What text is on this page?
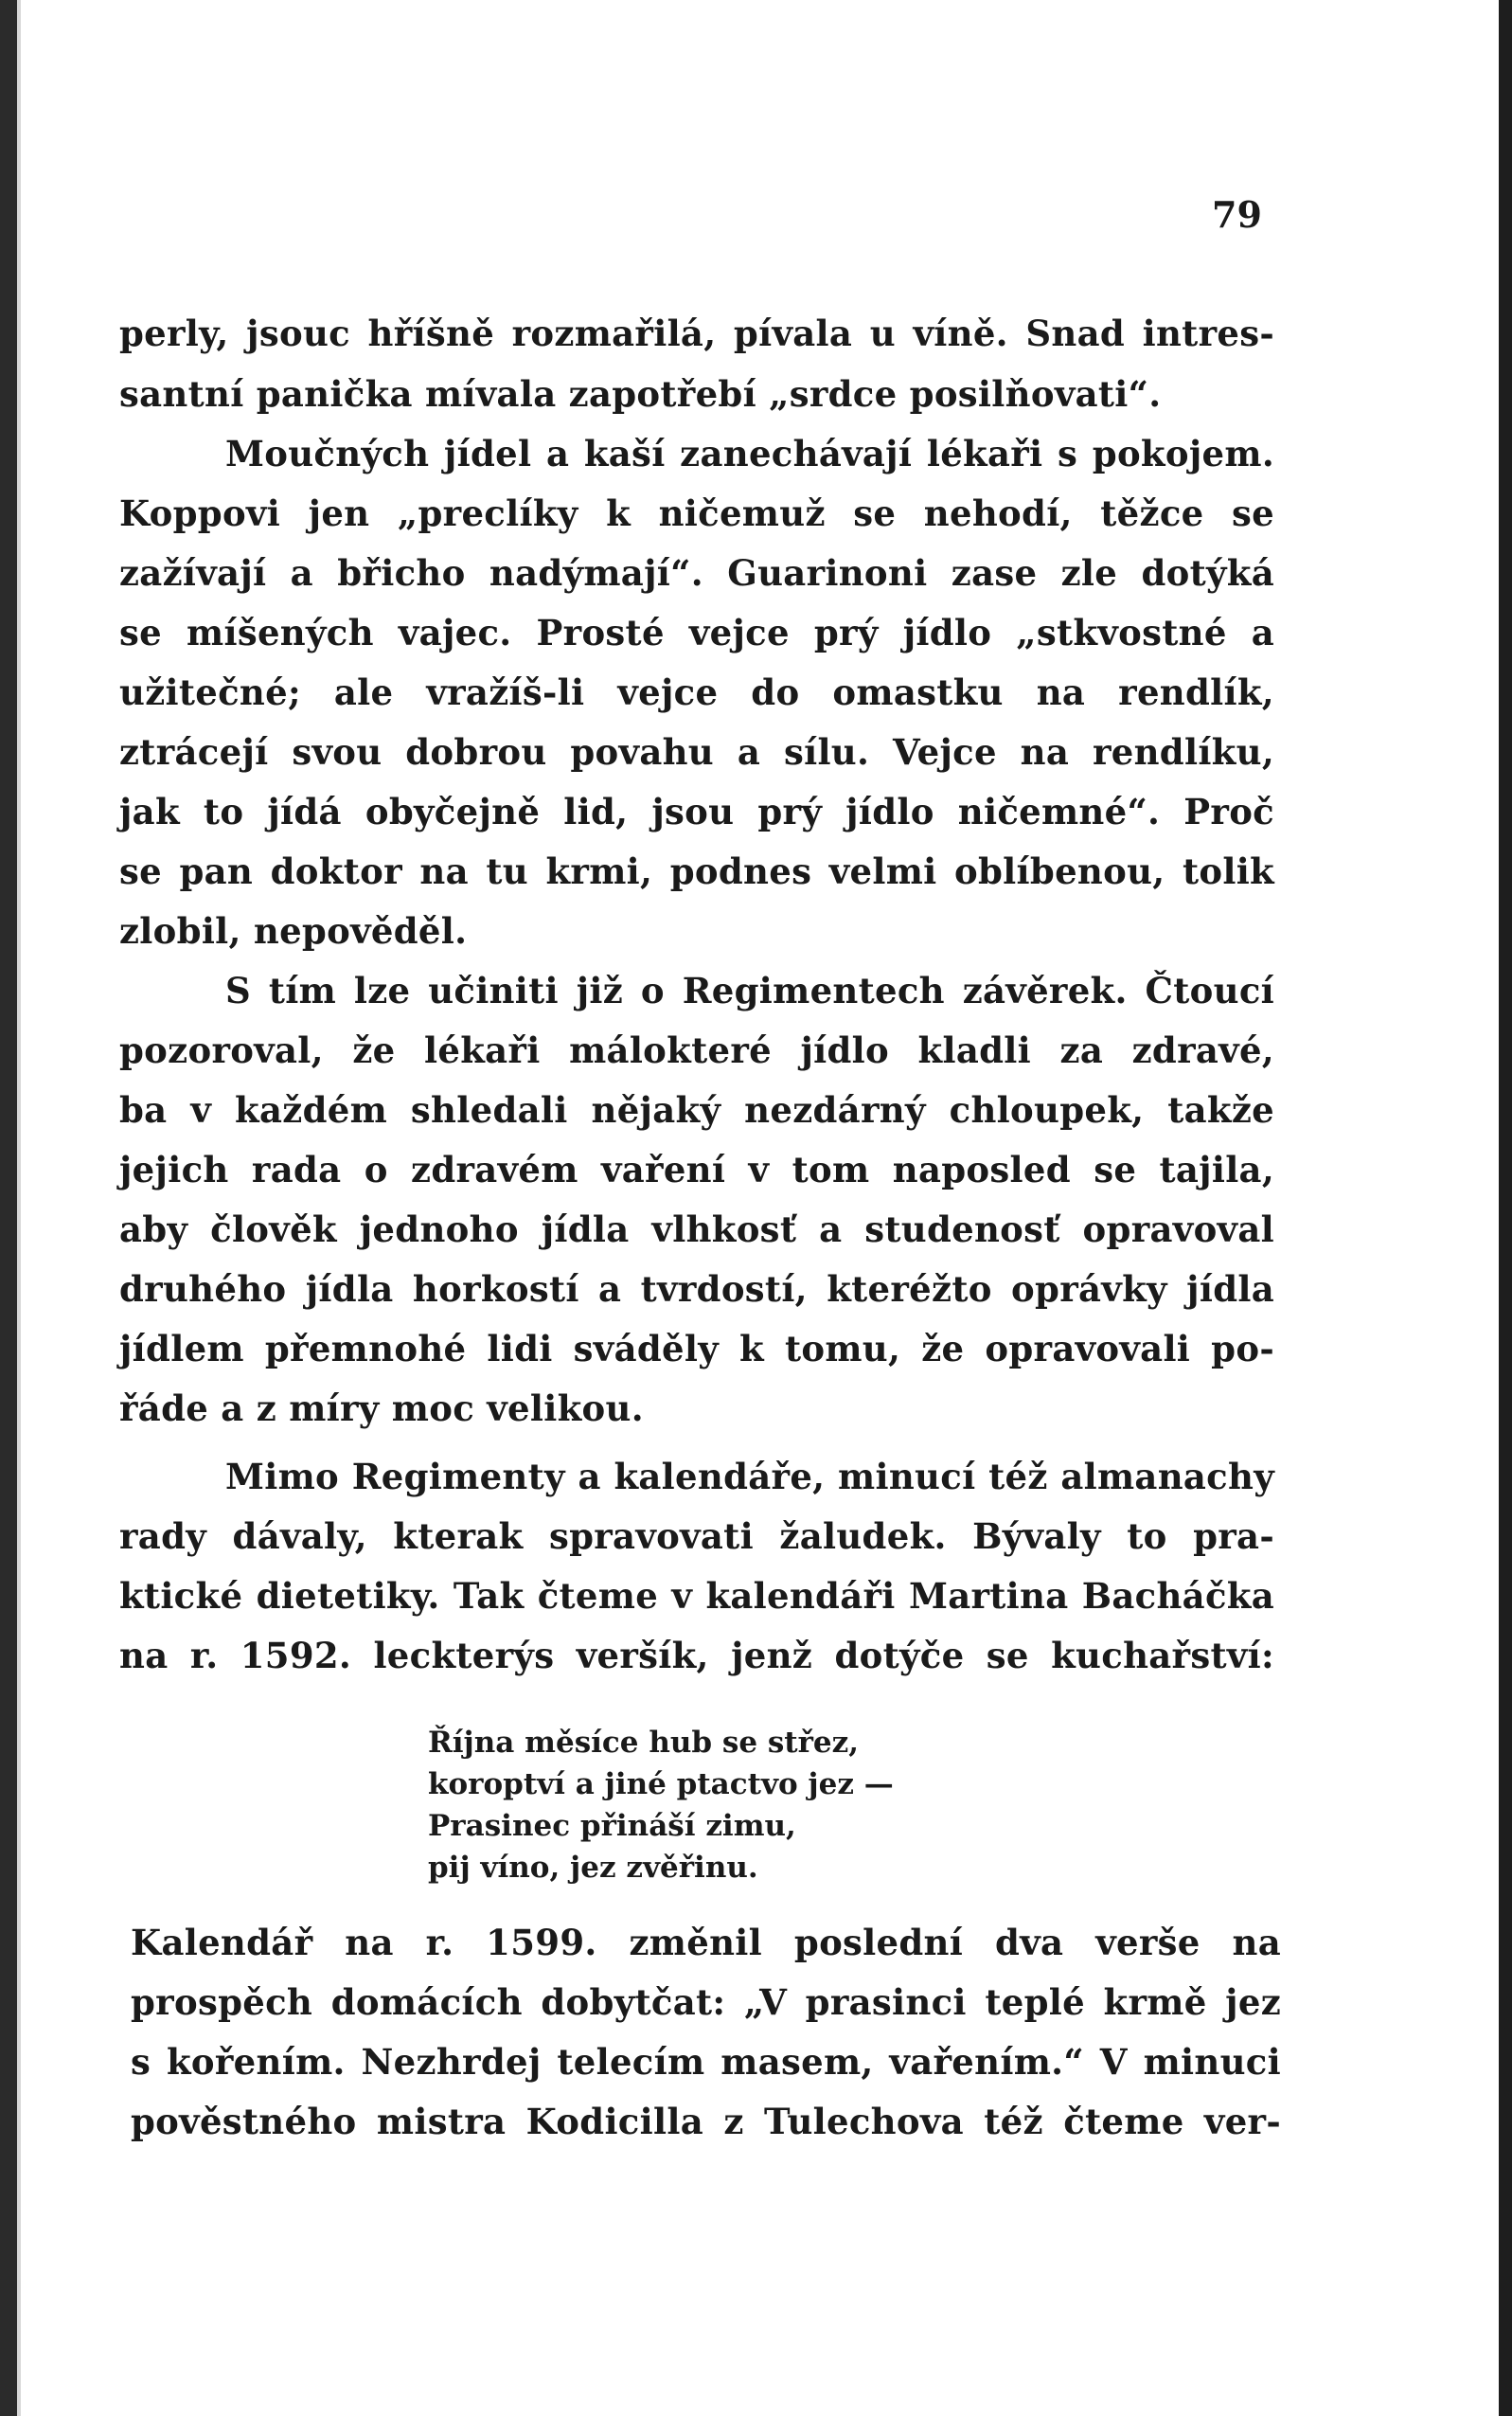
79
perly, jsouc hříšně rozmařilá, pívala u víně. Snad intres-
santní panička mívala zapotřebí „srdce posilňovati“.
Moučných jídel a kaší zanechávají lékaři s pokojem.
Koppovi jen „preclíky k ničemuž se nehodí, těžce se
zažívají a břicho nadýmají“. Guarinoni zase zle dotýká
se míšených vajec. Prosté vejce prý jídlo „stkvostné a
užitečné; ale vražíš-li vejce do omastku na rendlík,
ztrácejí svou dobrou povahu a sílu. Vejce na rendlíku,
jak to jídá obyčejně lid, jsou prý jídlo ničemné“. Proč
se pan doktor na tu krmi, podnes velmi oblíbenou, tolik
zlobil, nepověděl.
S tím lze učiniti již o Regimentech závěrek. Čtoucí
pozoroval, že lékaři málokteré jídlo kladli za zdravé,
ba v každém shledali nějaký nezdárný chloupek, takže
jejich rada o zdravém vaření v tom naposled se tajila,
aby člověk jednoho jídla vlhkosť a studenosť opravoval
druhého jídla horkostí a tvrdostí, kteréžto oprávky jídla
jídlem přemnohé lidi sváděly k tomu, že opravovali po-
řáde a z míry moc velikou.
Mimo Regimenty a kalendáře, minucí též almanachy
rady dávaly, kterak spravovati žaludek. Bývaly to pra-
ktické dietetiky. Tak čteme v kalendáři Martina Bacháčka
na r. 1592. leckterýs veršík, jenž dotýče se kuchařství:
Října měsíce hub se střez,
koroptví a jiné ptactvo jez —
Prasinec přináší zimu,
pij víno, jez zvěřinu.
Kalendář na r. 1599. změnil poslední dva verše na
prospěch domácích dobytčat: „V prasinci teplé krmě jez
s kořením. Nezhrdej telecím masem, vařením.“ V minuci
pověstného mistra Kodicilla z Tulechova též čteme ver-
